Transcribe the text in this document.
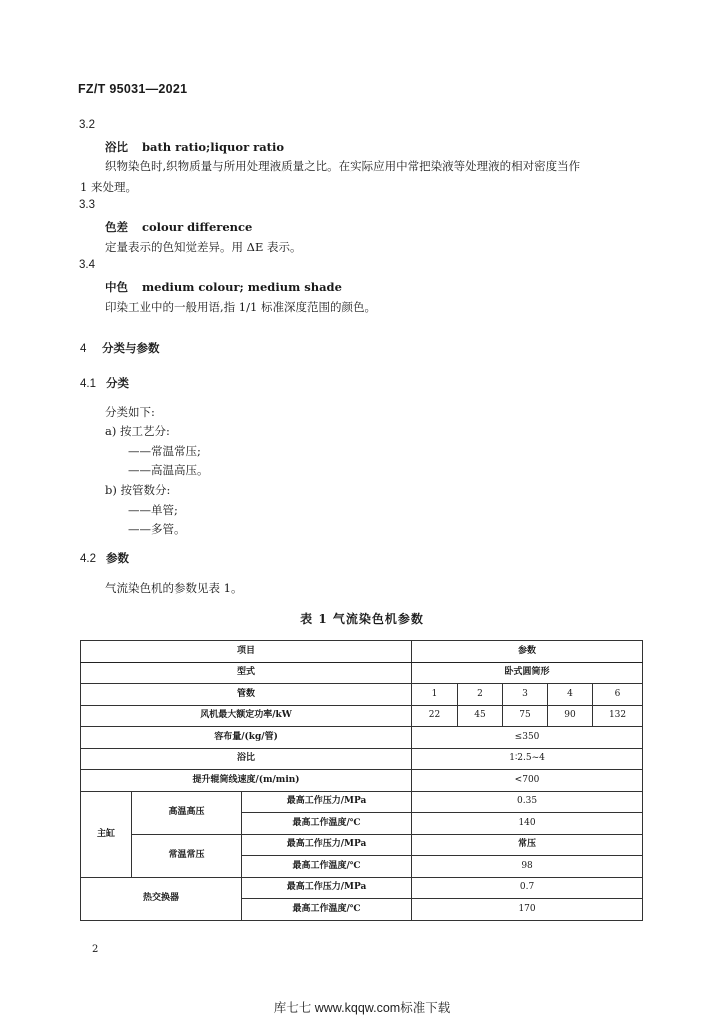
FZ/T 95031—2021
3.2
浴比 bath ratio;liquor ratio
织物染色时,织物质量与所用处理液质量之比。在实际应用中常把染液等处理液的相对密度当作
1 来处理。
3.3
色差 colour difference
定量表示的色知觉差异。用 ΔE 表示。
3.4
中色 medium colour; medium shade
印染工业中的一般用语,指 1/1 标准深度范围的颜色。
4 分类与参数
4.1 分类
分类如下:
a) 按工艺分:
——常温常压;
——高温高压。
b) 按管数分:
——单管;
——多管。
4.2 参数
气流染色机的参数见表 1。
表 1 气流染色机参数
项目			参数				
型式			卧式圆筒形				
管数			1	2	3	4	6
风机最大额定功率/kW			22	45	75	90	132
容布量/(kg/管)			≤350				
浴比			1∶2.5~4				
提升辊筒线速度/(m/min)			<700				
主缸	高温高压	最高工作压力/MPa	0.35				
		最高工作温度/℃	140				
	常温常压	最高工作压力/MPa	常压				
		最高工作温度/℃	98				
热交换器		最高工作压力/MPa	0.7				
		最高工作温度/℃	170				
2
库七七 www.kqqw.com标准下载
